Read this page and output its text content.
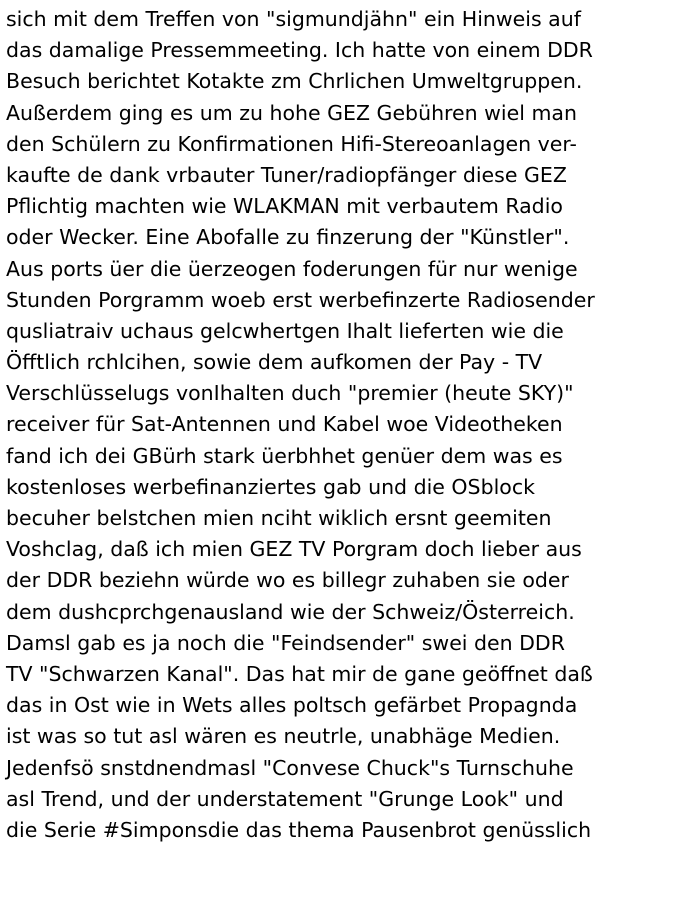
sich mit dem Treffen von "sigmundjähn" ein Hinweis auf
das damalige Pressemmeeting. Ich hatte von einem DDR
Besuch berichtet Kotakte zm Chrlichen Umweltgruppen.
Außerdem ging es um zu hohe GEZ Gebühren wiel man
den Schülern zu Konfirmationen Hifi-Stereoanlagen ver-
kaufte de dank vrbauter Tuner/radiopfänger diese GEZ
Pflichtig machten wie WLAKMAN mit verbautem Radio
oder Wecker. Eine Abofalle zu finzerung der "Künstler".
Aus ports üer die üerzeogen foderungen für nur wenige
Stunden Porgramm woeb erst werbefinzerte Radiosender
qusliatraiv uchaus gelcwhertgen Ihalt lieferten wie die
Öfftlich rchlcihen, sowie dem aufkomen der Pay - TV
Verschlüsselugs vonIhalten duch "premier (heute SKY)"
receiver für Sat-Antennen und Kabel woe Videotheken
fand ich dei GBürh stark üerbhhet genüer dem was es
kostenloses werbefinanziertes gab und die OSblock
becuher belstchen mien nciht wiklich ersnt geemiten
Voshclag, daß ich mien GEZ TV Porgram doch lieber aus
der DDR beziehn würde wo es billegr zuhaben sie oder
dem dushcprchgenausland wie der Schweiz/Österreich.
Damsl gab es ja noch die "Feindsender" swei den DDR
TV "Schwarzen Kanal". Das hat mir de gane geöffnet daß
das in Ost wie in Wets alles poltsch gefärbet Propagnda
ist was so tut asl wären es neutrle, unabhäge Medien.
Jedenfsö snstdnendmasl "Convese Chuck"s Turnschuhe
asl Trend, und der understatement "Grunge Look" und
die Serie #Simponsdie das thema Pausenbrot genüsslich
